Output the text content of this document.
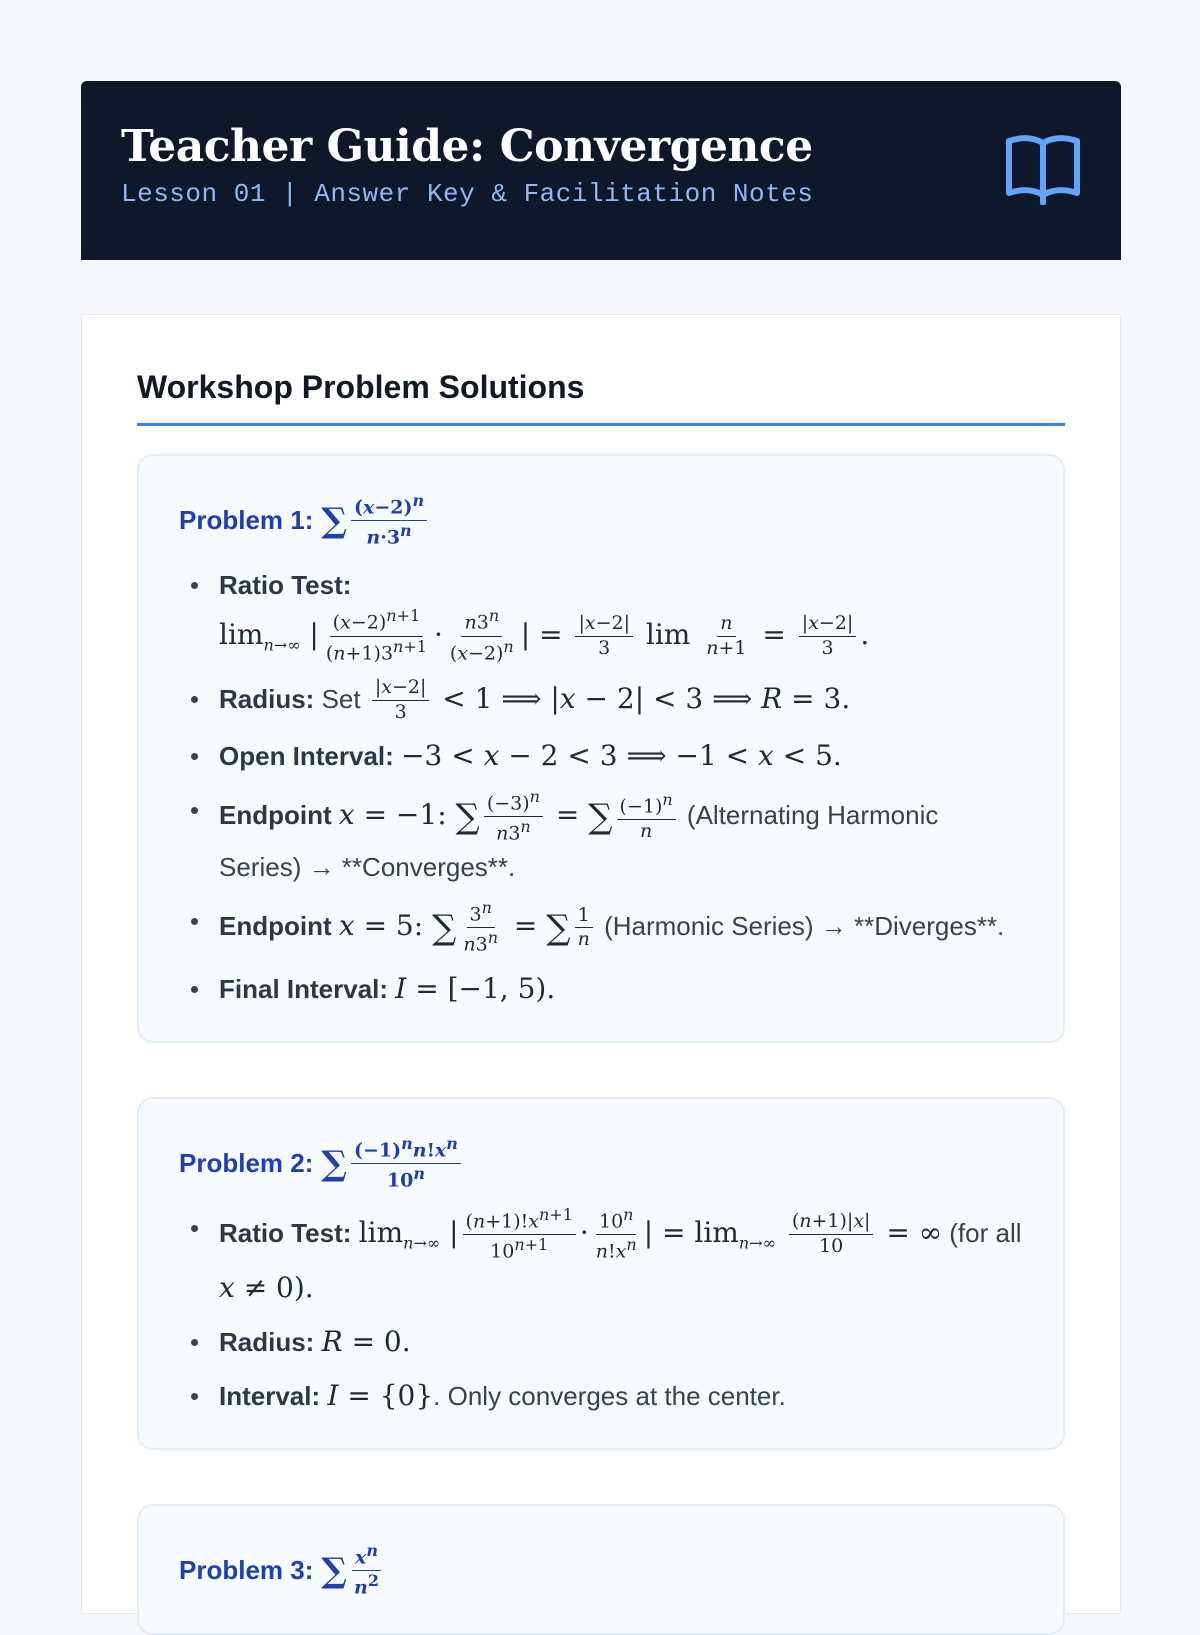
Teacher Guide: Convergence
Lesson 01 | Answer Key & Facilitation Notes
Workshop Problem Solutions
Problem 1: ∑ $\frac{(x-2)^n}{n\cdot 3^n}$
Ratio Test:
$\lim_{n\to\infty}$ | $\frac{(x-2)^{n+1}}{(n+1)3^{n+1}} \cdot \frac{n3^n}{(x-2)^n}$ | = $\frac{|x-2|}{3}$ $\lim \frac{n}{n+1} = \frac{|x-2|}{3}$ .
Radius: Set $\frac{|x-2|}{3} < 1$ ⟹ |x − 2| < 3 ⟹ R = 3.
Open Interval: −3 < x − 2 < 3 ⟹ −1 < x < 5.
Endpoint x = −1: ∑ $\frac{(-3)^n}{n3^n}$ = ∑ $\frac{(-1)^n}{n}$ (Alternating Harmonic Series) → **Converges**.
Endpoint x = 5: ∑ $\frac{3^n}{n3^n}$ = ∑ $\frac{1}{n}$ (Harmonic Series) → **Diverges**.
Final Interval: I = [−1, 5).
Problem 2: ∑ $\frac{(-1)^nn!x^n}{10^n}$
Ratio Test: $\lim_{n\to\infty}$ | $\frac{(n+1)!x^{n+1}}{10^{n+1}} \cdot \frac{10^n}{n!x^n}$ | = $\lim_{n\to\infty} \frac{(n+1)|x|}{10}$ = ∞ (for all x ≠ 0).
Radius: R = 0.
Interval: I = {0}. Only converges at the center.
Problem 3: ∑ $\frac{x^n}{n^2}$
